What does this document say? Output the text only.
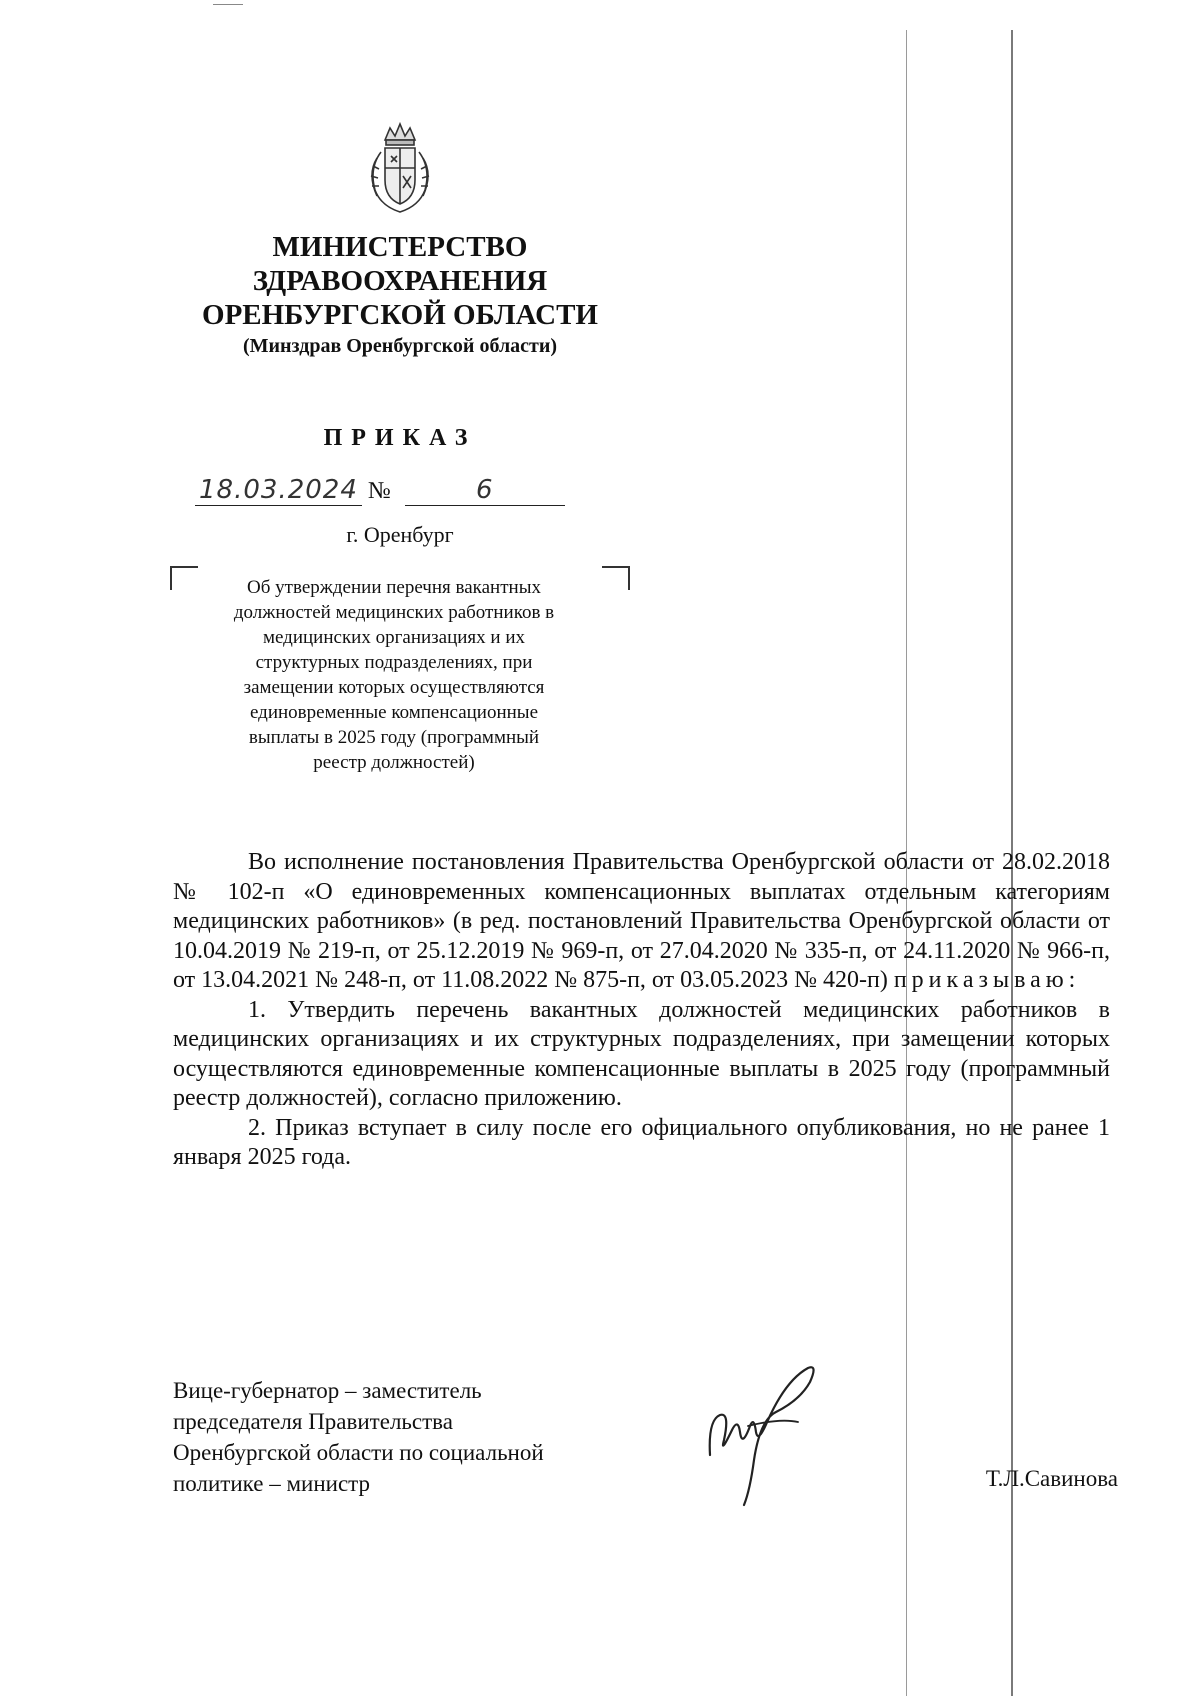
МИНИСТЕРСТВО
ЗДРАВООХРАНЕНИЯ
ОРЕНБУРГСКОЙ ОБЛАСТИ
(Минздрав Оренбургской области)
ПРИКАЗ
18.03.2024 №	6
г. Оренбург
Об утверждении перечня вакантных
должностей медицинских работников в
медицинских организациях и их
структурных подразделениях, при
замещении которых осуществляются
единовременные компенсационные
выплаты в 2025 году (программный
реестр должностей)

Во исполнение постановления Правительства Оренбургской области от 28.02.2018 № 102-п «О единовременных компенсационных выплатах отдельным категориям медицинских работников» (в ред. постановлений Правительства Оренбургской области от 10.04.2019 № 219-п, от 25.12.2019 № 969-п, от 27.04.2020 № 335-п, от 24.11.2020 № 966-п, от 13.04.2021 № 248-п, от 11.08.2022 № 875-п, от 03.05.2023 № 420-п) приказываю:

1. Утвердить перечень вакантных должностей медицинских работников в медицинских организациях и их структурных подразделениях, при замещении которых осуществляются единовременные компенсационные выплаты в 2025 году (программный реестр должностей), согласно приложению.

2. Приказ вступает в силу после его официального опубликования, но не ранее 1 января 2025 года.

Вице-губернатор – заместитель
председателя Правительства
Оренбургской области по социальной
политике – министр	Т.Л.Савинова
